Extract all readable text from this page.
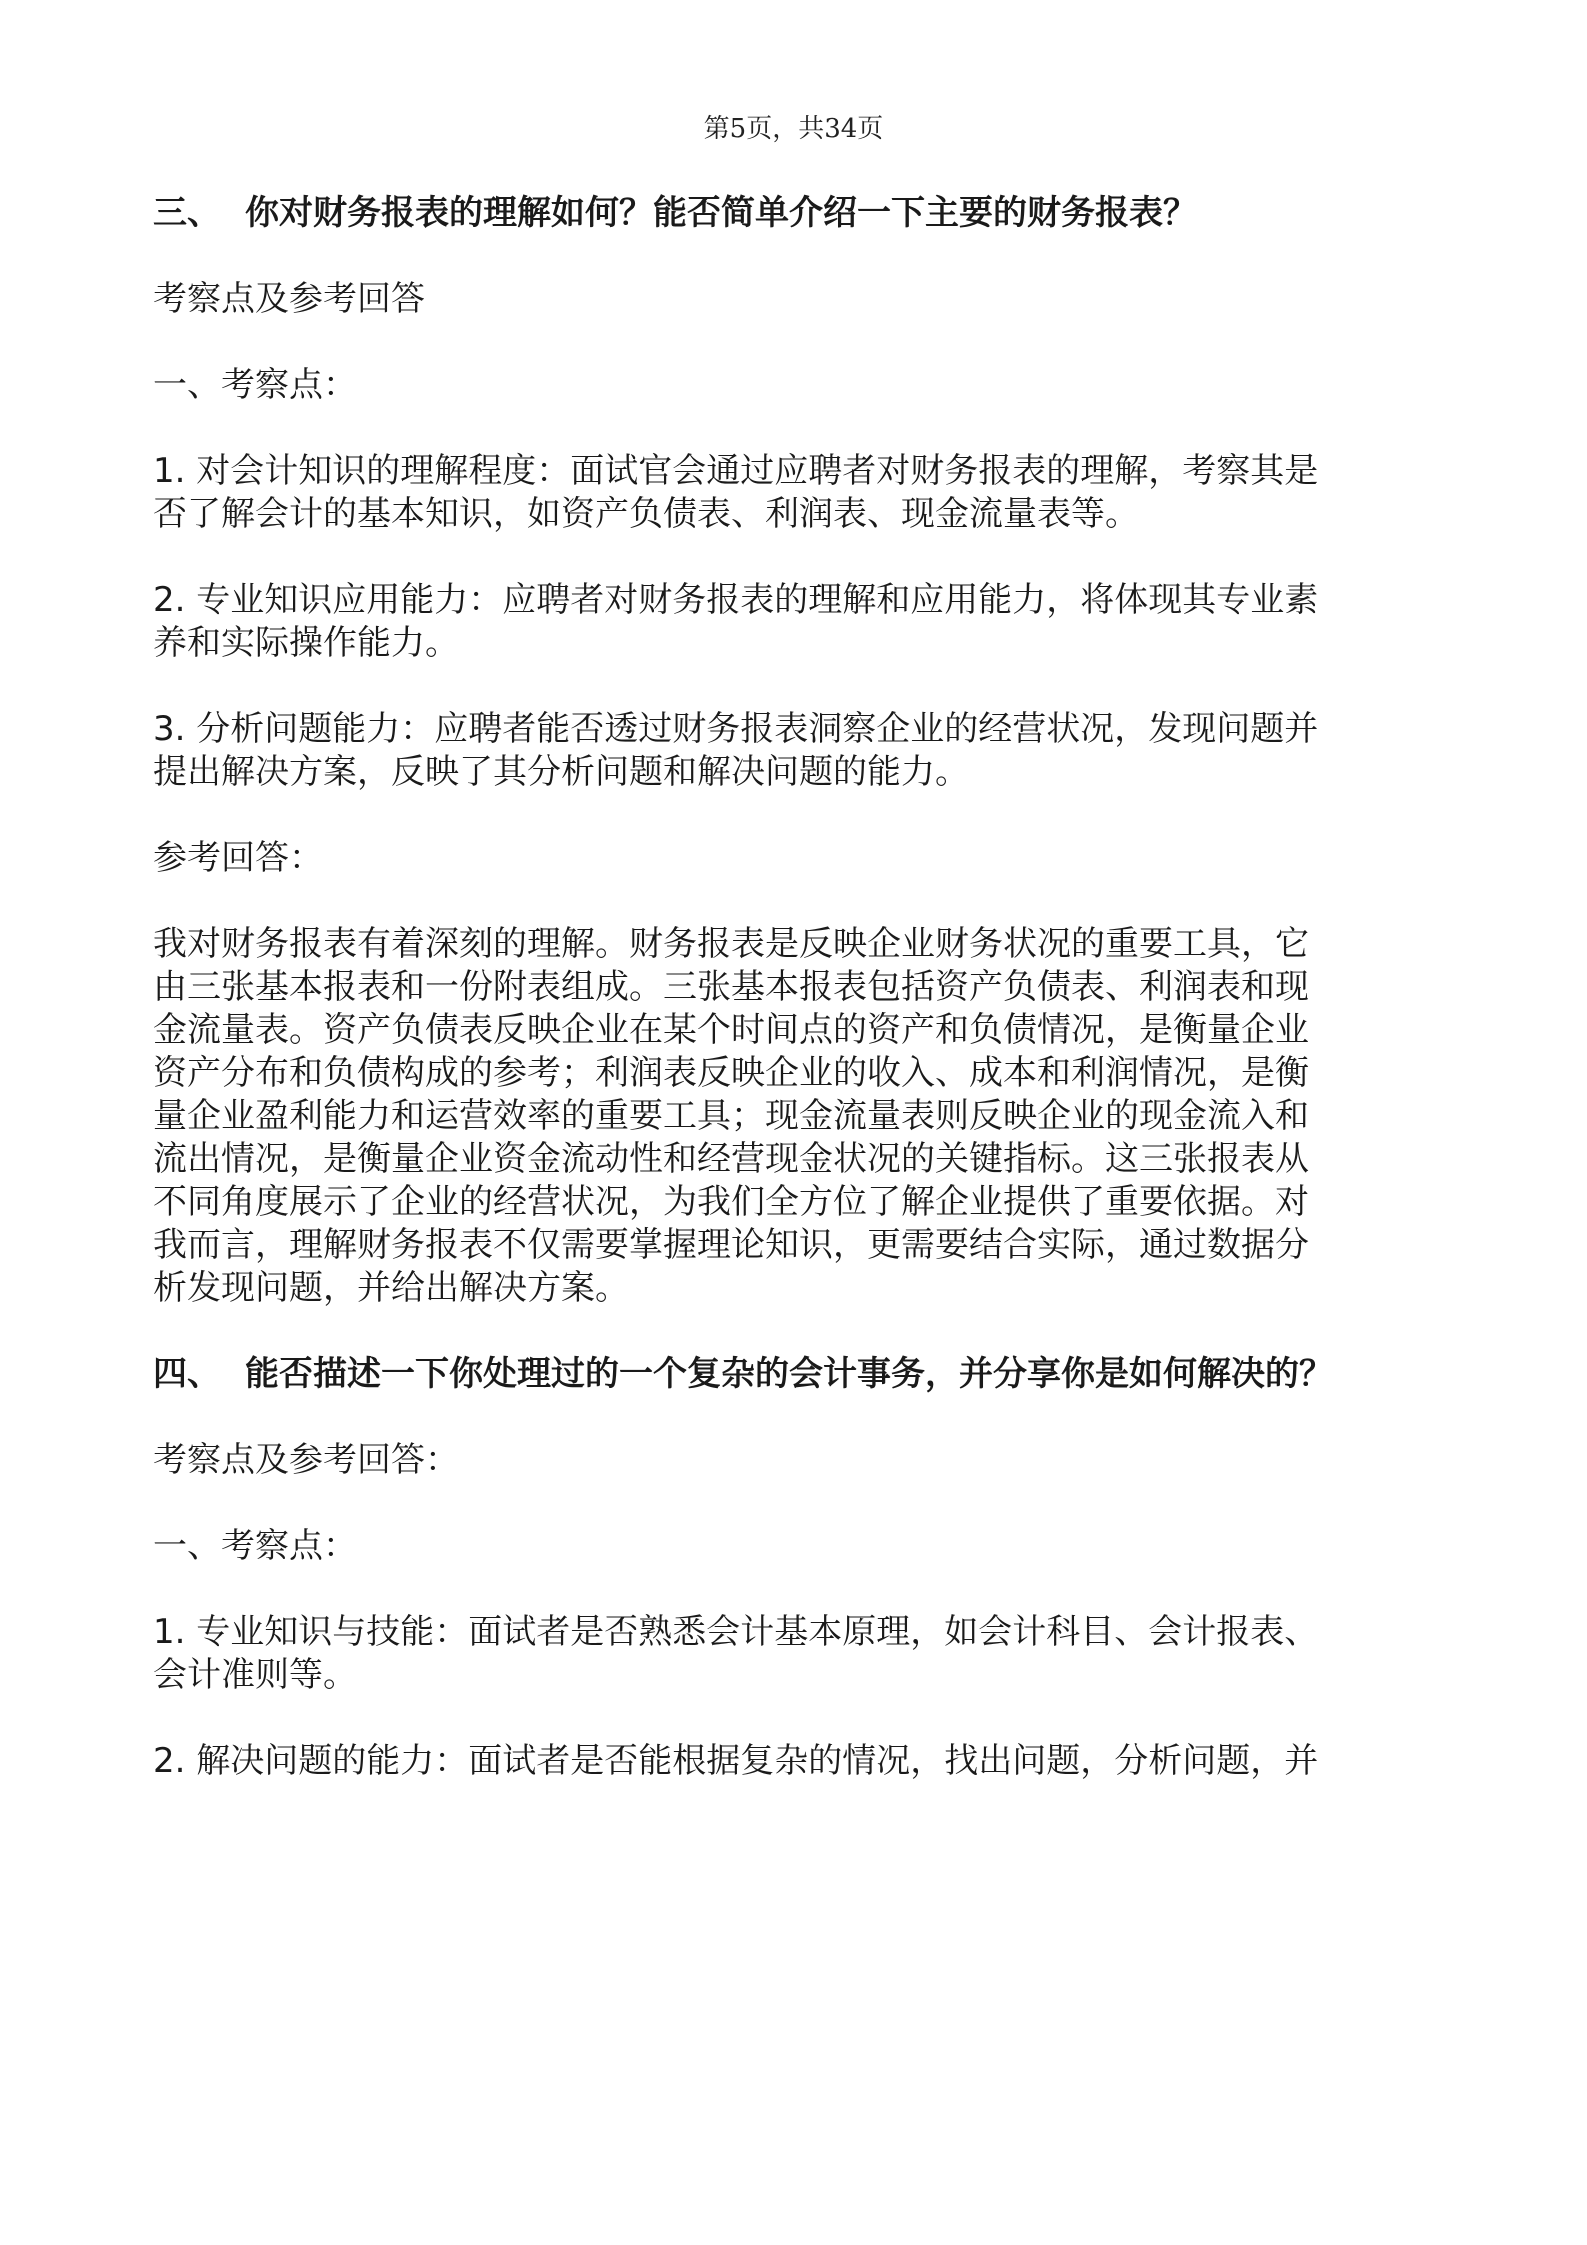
第5页，共34页

三、 你对财务报表的理解如何？能否简单介绍一下主要的财务报表？

考察点及参考回答

一、考察点：

1. 对会计知识的理解程度：面试官会通过应聘者对财务报表的理解，考察其是

否了解会计的基本知识，如资产负债表、利润表、现金流量表等。

2. 专业知识应用能力：应聘者对财务报表的理解和应用能力，将体现其专业素

养和实际操作能力。

3. 分析问题能力：应聘者能否透过财务报表洞察企业的经营状况，发现问题并

提出解决方案，反映了其分析问题和解决问题的能力。

参考回答：

我对财务报表有着深刻的理解。财务报表是反映企业财务状况的重要工具，它

由三张基本报表和一份附表组成。三张基本报表包括资产负债表、利润表和现

金流量表。资产负债表反映企业在某个时间点的资产和负债情况，是衡量企业

资产分布和负债构成的参考；利润表反映企业的收入、成本和利润情况，是衡

量企业盈利能力和运营效率的重要工具；现金流量表则反映企业的现金流入和

流出情况，是衡量企业资金流动性和经营现金状况的关键指标。这三张报表从

不同角度展示了企业的经营状况，为我们全方位了解企业提供了重要依据。对

我而言，理解财务报表不仅需要掌握理论知识，更需要结合实际，通过数据分

析发现问题，并给出解决方案。

四、 能否描述一下你处理过的一个复杂的会计事务，并分享你是如何解决的？

考察点及参考回答：

一、考察点：

1. 专业知识与技能：面试者是否熟悉会计基本原理，如会计科目、会计报表、

会计准则等。

2. 解决问题的能力：面试者是否能根据复杂的情况，找出问题，分析问题，并
